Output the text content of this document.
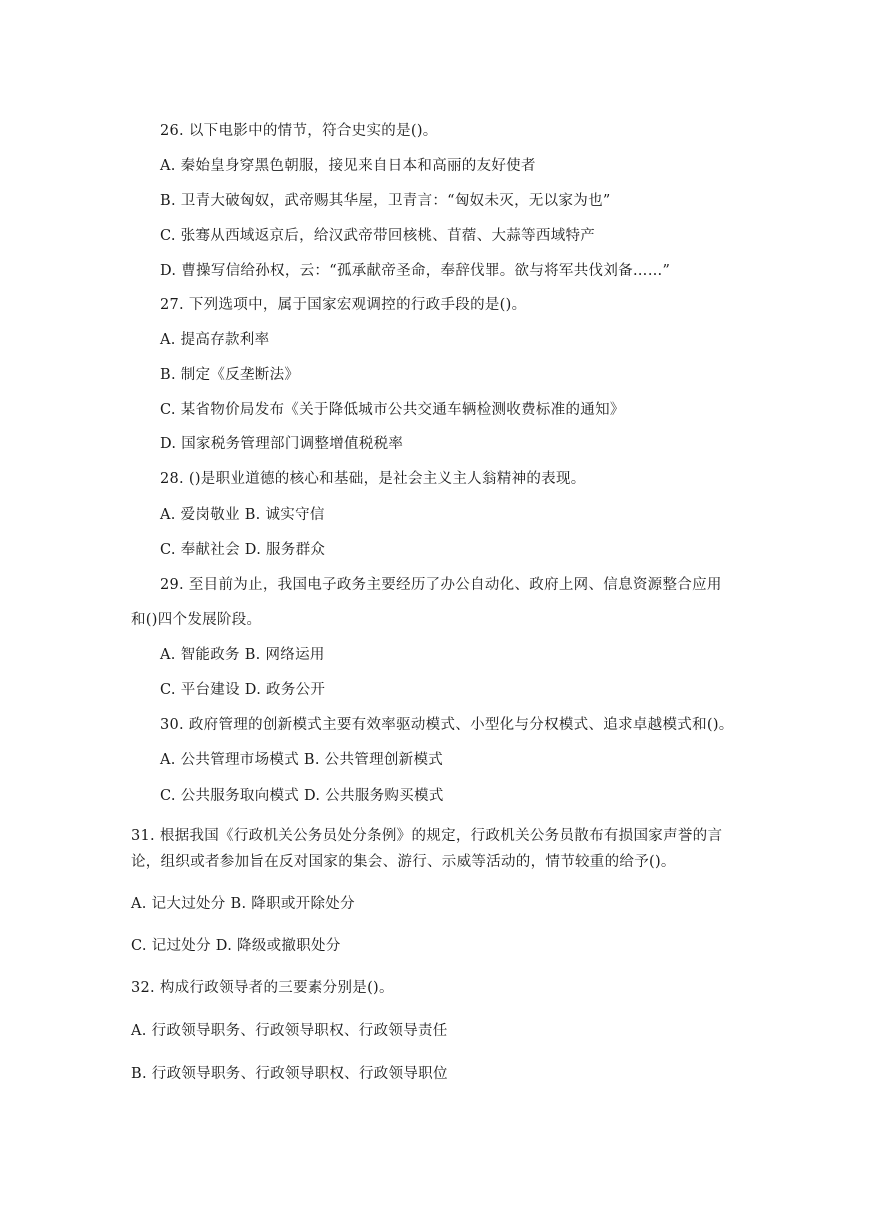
26. 以下电影中的情节，符合史实的是()。
A. 秦始皇身穿黑色朝服，接见来自日本和高丽的友好使者
B. 卫青大破匈奴，武帝赐其华屋，卫青言：“匈奴未灭，无以家为也”
C. 张骞从西域返京后，给汉武帝带回核桃、苜蓿、大蒜等西域特产
D. 曹操写信给孙权，云：“孤承献帝圣命，奉辞伐罪。欲与将军共伐刘备……”
27. 下列选项中，属于国家宏观调控的行政手段的是()。
A. 提高存款利率
B. 制定《反垄断法》
C. 某省物价局发布《关于降低城市公共交通车辆检测收费标准的通知》
D. 国家税务管理部门调整增值税税率
28. ()是职业道德的核心和基础，是社会主义主人翁精神的表现。
A. 爱岗敬业 B. 诚实守信
C. 奉献社会 D. 服务群众
29. 至目前为止，我国电子政务主要经历了办公自动化、政府上网、信息资源整合应用
和()四个发展阶段。
A. 智能政务 B. 网络运用
C. 平台建设 D. 政务公开
30. 政府管理的创新模式主要有效率驱动模式、小型化与分权模式、追求卓越模式和()。
A. 公共管理市场模式 B. 公共管理创新模式
C. 公共服务取向模式 D. 公共服务购买模式
31. 根据我国《行政机关公务员处分条例》的规定，行政机关公务员散布有损国家声誉的言
论，组织或者参加旨在反对国家的集会、游行、示威等活动的，情节较重的给予()。
A. 记大过处分 B. 降职或开除处分
C. 记过处分 D. 降级或撤职处分
32. 构成行政领导者的三要素分别是()。
A. 行政领导职务、行政领导职权、行政领导责任
B. 行政领导职务、行政领导职权、行政领导职位
